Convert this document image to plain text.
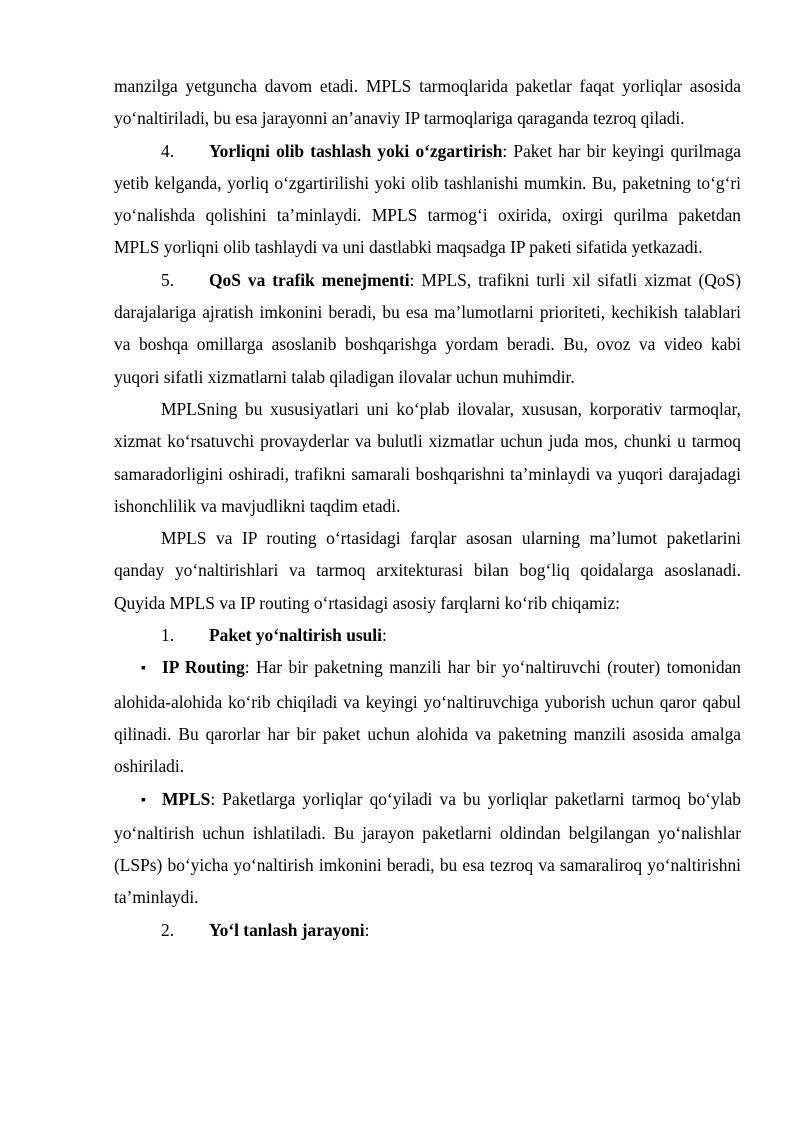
manzilga yetguncha davom etadi. MPLS tarmoqlarida paketlar faqat yorliqlar asosida yo‘naltiriladi, bu esa jarayonni an’anaviy IP tarmoqlariga qaraganda tezroq qiladi.

4. Yorliqni olib tashlash yoki o‘zgartirish: Paket har bir keyingi qurilmaga yetib kelganda, yorliq o‘zgartirilishi yoki olib tashlanishi mumkin. Bu, paketning to‘g‘ri yo‘nalishda qolishini ta’minlaydi. MPLS tarmog‘i oxirida, oxirgi qurilma paketdan MPLS yorliqni olib tashlaydi va uni dastlabki maqsadga IP paketi sifatida yetkazadi.

5. QoS va trafik menejmenti: MPLS, trafikni turli xil sifatli xizmat (QoS) darajalariga ajratish imkonini beradi, bu esa ma’lumotlarni prioriteti, kechikish talablari va boshqa omillarga asoslanib boshqarishga yordam beradi. Bu, ovoz va video kabi yuqori sifatli xizmatlarni talab qiladigan ilovalar uchun muhimdir.

MPLSning bu xususiyatlari uni ko‘plab ilovalar, xususan, korporativ tarmoqlar, xizmat ko‘rsatuvchi provayderlar va bulutli xizmatlar uchun juda mos, chunki u tarmoq samaradorligini oshiradi, trafikni samarali boshqarishni ta’minlaydi va yuqori darajadagi ishonchlilik va mavjudlikni taqdim etadi.

MPLS va IP routing o‘rtasidagi farqlar asosan ularning ma’lumot paketlarini qanday yo‘naltirishlari va tarmoq arxitekturasi bilan bog‘liq qoidalarga asoslanadi. Quyida MPLS va IP routing o‘rtasidagi asosiy farqlarni ko‘rib chiqamiz:

1. Paket yo‘naltirish usuli:

▪ IP Routing: Har bir paketning manzili har bir yo‘naltiruvchi (router) tomonidan alohida-alohida ko‘rib chiqiladi va keyingi yo‘naltiruvchiga yuborish uchun qaror qabul qilinadi. Bu qarorlar har bir paket uchun alohida va paketning manzili asosida amalga oshiriladi.

▪ MPLS: Paketlarga yorliqlar qo‘yiladi va bu yorliqlar paketlarni tarmoq bo‘ylab yo‘naltirish uchun ishlatiladi. Bu jarayon paketlarni oldindan belgilangan yo‘nalishlar (LSPs) bo‘yicha yo‘naltirish imkonini beradi, bu esa tezroq va samaraliroq yo‘naltirishni ta’minlaydi.

2. Yo‘l tanlash jarayoni:
